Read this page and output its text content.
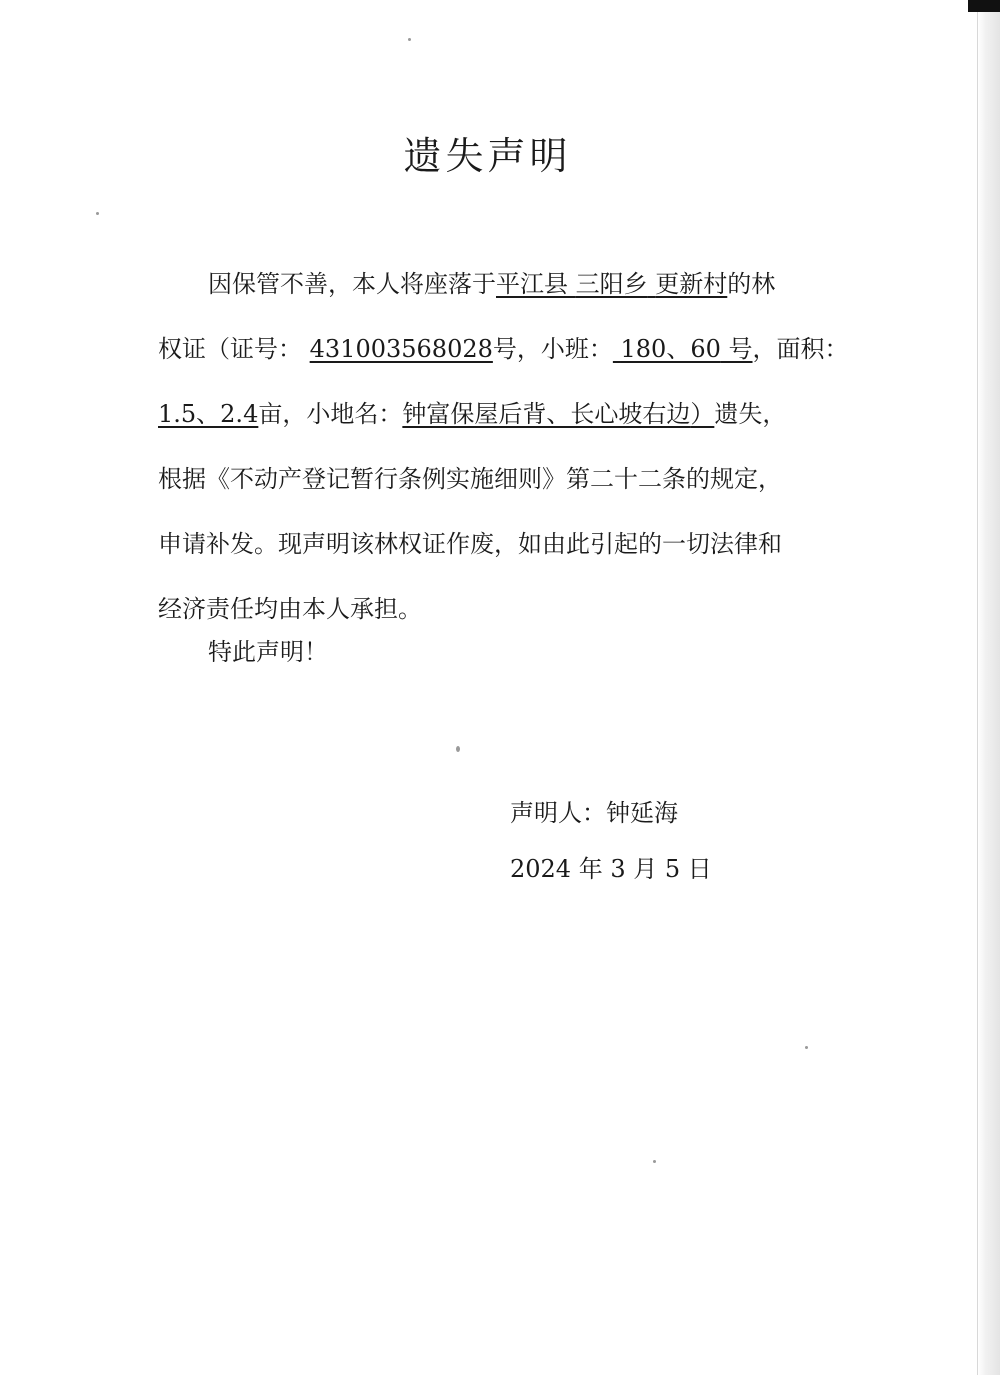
遗失声明
因保管不善，本人将座落于平江县 三阳乡 更新村的林
权证（证号： 431003568028号，小班： 180、60 号，面积：
1.5、2.4亩，小地名：钟富保屋后背、长心坡右边）遗失，
根据《不动产登记暂行条例实施细则》第二十二条的规定，
申请补发。现声明该林权证作废，如由此引起的一切法律和
经济责任均由本人承担。

特此声明！

声明人：钟延海
2024 年 3 月 5 日
